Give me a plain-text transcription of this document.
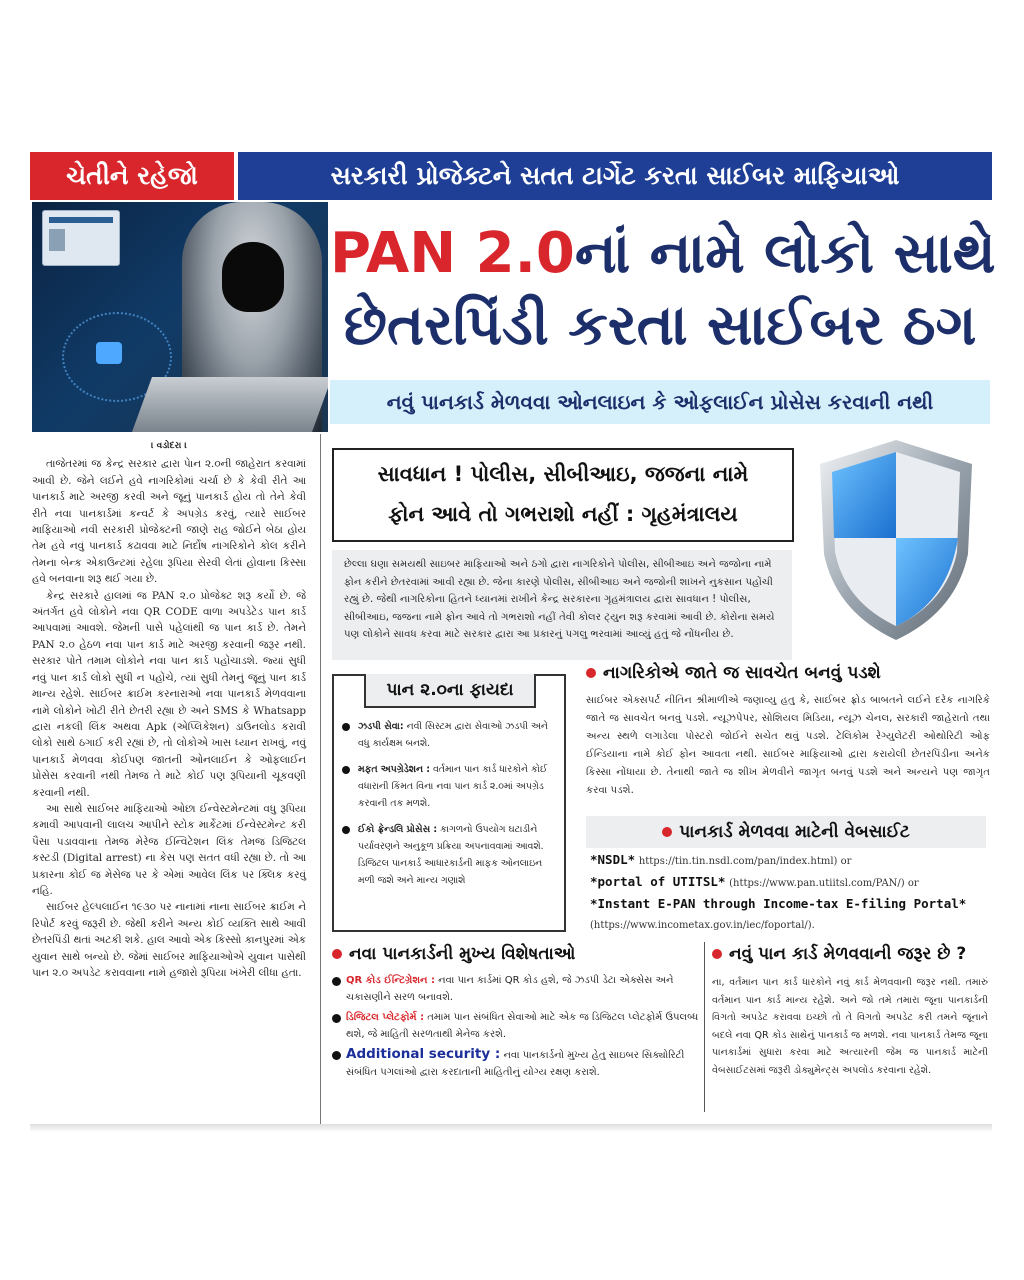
ચેતીને રહેજો	સરકારી પ્રોજેક્ટને સતત ટાર્ગેટ કરતા સાઈબર માફિયાઓ
PAN 2.0નાં નામે લોકો સાથે
છેતરપિંડી કરતા સાઈબર ઠગ
નવું પાનકાર્ડ મેળવવા ઓનલાઇન કે ઓફલાઈન પ્રોસેસ કરવાની નથી
। વડોદરા ।

તાજેતરમાં જ કેન્દ્ર સરકાર દ્વારા પેાન ૨.૦ની જાહેરાત કરવામાં આવી છે. જેને લઈને હવે નાગરિકોમાં ચર્ચા છે કે કેવી રીતે આ પાનકાર્ડ માટે અરજી કરવી અને જૂનું પાનકાર્ડ હોય તો તેને કેવી રીતે નવા પાનકાર્ડમાં કન્વર્ટ કે અપગ્રેડ કરવું, ત્યારે સાઈબર માફિયાઓ નવી સરકારી પ્રોજેક્ટની જાણે રાહ જોઈને બેઠા હોય તેમ હવે નવું પાનકાર્ડ કઢાવવા માટે નિર્દોષ નાગરિકોને કોલ કરીને તેમના બેન્ક એકાઉન્ટમાં રહેલા રૂપિયા સેરવી લેતાં હોવાના કિસ્સા હવે બનવાના શરૂ થઈ ગયા છે.

કેન્દ્ર સરકારે હાલમાં જ PAN ૨.૦ પ્રોજેક્ટ શરૂ કર્યો છે. જે અંતર્ગત હવે લોકોને નવા QR CODE વાળા અપડેટેડ પાન કાર્ડ આપવામાં આવશે. જેમની પાસે પહેલાંથી જ પાન કાર્ડ છે. તેમને PAN ૨.૦ હેઠળ નવા પાન કાર્ડ માટે અરજી કરવાની જરૂર નથી. સરકાર પોતે તમામ લોકોને નવા પાન કાર્ડ પહોંચાડશે. જ્યાં સુધી નવું પાન કાર્ડ લોકો સુધી ન પહોંચે, ત્યાં સુધી તેમનું જૂનું પાન કાર્ડ માન્ય રહેશે. સાઈબર ક્રાઈમ કરનારાઓ નવા પાનકાર્ડ મેળવવાના નામે લોકોને ખોટી રીતે છેતરી રહ્યા છે અને SMS કે Whatsapp દ્વારા નકલી લિંક અથવા Apk (એપ્લિકેશન) ડાઉનલોડ કરાવી લોકો સાથે ઠગાઈ કરી રહ્યાં છે, તો લોકોએ ખાસ ધ્યાન રાખવું, નવું પાનકાર્ડ મેળવવા કોઈપણ જાતની ઓનલાઈન કે ઓફલાઈન પ્રોસેસ કરવાની નથી તેમજ તે માટે કોઈ પણ રૂપિયાની ચૂકવણી કરવાની નથી.

આ સાથે સાઈબર માફિયાઓ ઓછા ઈન્વેસ્ટમેન્ટમાં વધુ રૂપિયા કમાવી આપવાની લાલચ આપીને સ્ટોક માર્કેટમાં ઈન્વેસ્ટમેન્ટ કરી પૈસા પડાવવાના તેમજ મેરેજ ઈન્વિટેશન લિંક તેમજ ડિજિટલ કસ્ટડી (Digital arrest) ના કેસ પણ સતત વધી રહ્યા છે. તો આ પ્રકારના કોઈ જ મેસેજ પર કે એમાં આવેલ લિંક પર ક્લિક કરવું નહિ.

સાઈબર હેલ્પલાઈન ૧૯૩૦ પર નાનામાં નાના સાઈબર ક્રાઈમ ને રિપોર્ટ કરવું જરૂરી છે. જેથી કરીને અન્ય કોઈ વ્યક્તિ સાથે આવી છેતરપિંડી થતાં અટકી શકે. હાલ આવો એક કિસ્સો કાનપુરમાં એક યુવાન સાથે બન્યો છે. જેમાં સાઈબર માફિયાઓએ યુવાન પાસેથી પાન ૨.૦ અપડેટ કરાવવાના નામે હજારો રૂપિયા ખંખેરી લીધા હતા.

સાવધાન ! પોલીસ, સીબીઆઇ, જજના નામે
ફોન આવે તો ગભરાશો નહીં : ગૃહમંત્રાલય
છેલ્લા ઘણા સમયથી સાઇબર માફિયાઓ અને ઠગો દ્વારા નાગરિકોને પોલીસ, સીબીઆઇ અને જજોના નામે ફોન કરીને છેતરવામાં આવી રહ્યા છે. જેના કારણે પોલીસ, સીબીઆઇ અને જજોની શાખને નુકસાન પહોંચી રહ્યું છે. જેથી નાગરિકોના હિતને ધ્યાનમાં રાખીને કેન્દ્ર સરકારના ગૃહમંત્રાલય દ્વારા સાવધાન ! પોલીસ, સીબીઆઇ, જજના નામે ફોન આવે તો ગભરાશો નહીં તેવી કોલર ટ્યુન શરૂ કરવામાં આવી છે. કોરોના સમયે પણ લોકોને સાવધ કરવા માટે સરકાર દ્વારા આ પ્રકારનું પગલુ ભરવામાં આવ્યું હતું જે નોંધનીય છે.
નાગરિકોએ જાતે જ સાવચેત બનવું પડશે
સાઈબર એક્સપર્ટ નીતિન શ્રીમાળીએ જણાવ્યુ હતુ કે, સાઈબર ફ્રોડ બાબતને લઈને દરેક નાગરિકે જાતે જ સાવચેત બનવું પડશે. ન્યૂઝપેપર, સોશિયલ મિડિયા, ન્યૂઝ ચેનલ, સરકારી જાહેરાતો તથા અન્ય સ્થળે લગાડેલા પોસ્ટરો જોઈને સચેત થવું પડશે. ટેલિકોમ રેગ્યુલેટરી ઓથોરિટી ઓફ ઈન્ડિયાના નામે કોઈ ફોન આવતા નથી. સાઈબર માફિયાઓ દ્વારા કરાયેલી છેતરપિંડીના અનેક કિસ્સા નોંધાયા છે. તેનાથી જાતે જ શીખ મેળવીને જાગૃત બનવું પડશે અને અન્યને પણ જાગૃત કરવા પડશે.
પાન ૨.૦ના ફાયદા
ઝડપી સેવા: નવી સિસ્ટમ દ્વારા સેવાઓ ઝડપી અને વધુ કાર્યક્ષમ બનશે.
મફત અપગ્રેડેશન : વર્તમાન પાન કાર્ડ ધારકોને કોઈ વધારાની કિંમત વિના નવા પાન કાર્ડ ૨.૦માં અપગ્રેડ કરવાની તક મળશે.
ઈકો ફ્રેન્ડલિ પ્રોસેસ : કાગળનો ઉપયોગ ઘટાડીને પર્યાવરણને અનુકૂળ પ્રક્રિયા અપનાવવામાં આવશે. ડિજિટલ પાનકાર્ડ આધારકાર્ડની માફક ઓનલાઇન મળી જશે અને માન્ય ગણાશે
પાનકાર્ડ મેળવવા માટેની વેબસાઈટ
*NSDL* https://tin.tin.nsdl.com/pan/index.html) or
*portal of UTITSL* (https://www.pan.utiitsl.com/PAN/) or
*Instant E-PAN through Income-tax E-filing Portal*
(https://www.incometax.gov.in/iec/foportal/).
નવા પાનકાર્ડની મુખ્ય વિશેષતાઓ
QR કોડ ઈન્ટિગ્રેશન : નવા પાન કાર્ડમાં QR કોડ હશે, જે ઝડપી ડેટા એક્સેસ અને ચકાસણીને સરળ બનાવશે.
ડિજિટલ પ્લેટફોર્મ : તમામ પાન સંબંધિત સેવાઓ માટે એક જ ડિજિટલ પ્લેટફોર્મ ઉપલબ્ધ થશે, જે માહિતી સરળતાથી મેનેજ કરશે.
Additional security : નવા પાનકાર્ડનો મુખ્ય હેતુ સાઇબર સિક્યોરિટી સંબંધિત પગલાંઓ દ્વારા કરદાતાની માહિતીનું યોગ્ય રક્ષણ કરાશે.
નવું પાન કાર્ડ મેળવવાની જરૂર છે ?
ના, વર્તમાન પાન કાર્ડ ધારકોને નવું કાર્ડ મેળવવાની જરૂર નથી. તમારું વર્તમાન પાન કાર્ડ માન્ય રહેશે. અને જો તમે તમારા જૂના પાનકાર્ડની વિગતો અપડેટ કરાવવા ઇચ્છો તો તે વિગતો અપડેટ કરી તમને જૂનાને બદલે નવા QR કોડ સાથેનું પાનકાર્ડ જ મળશે. નવા પાનકાર્ડ તેમજ જૂના પાનકાર્ડમાં સુધારા કરવા માટે અત્યારની જેમ જ પાનકાર્ડ માટેની વેબસાઈટસમાં જરૂરી ડોક્યુમેન્ટ્સ અપલોડ કરવાના રહેશે.
